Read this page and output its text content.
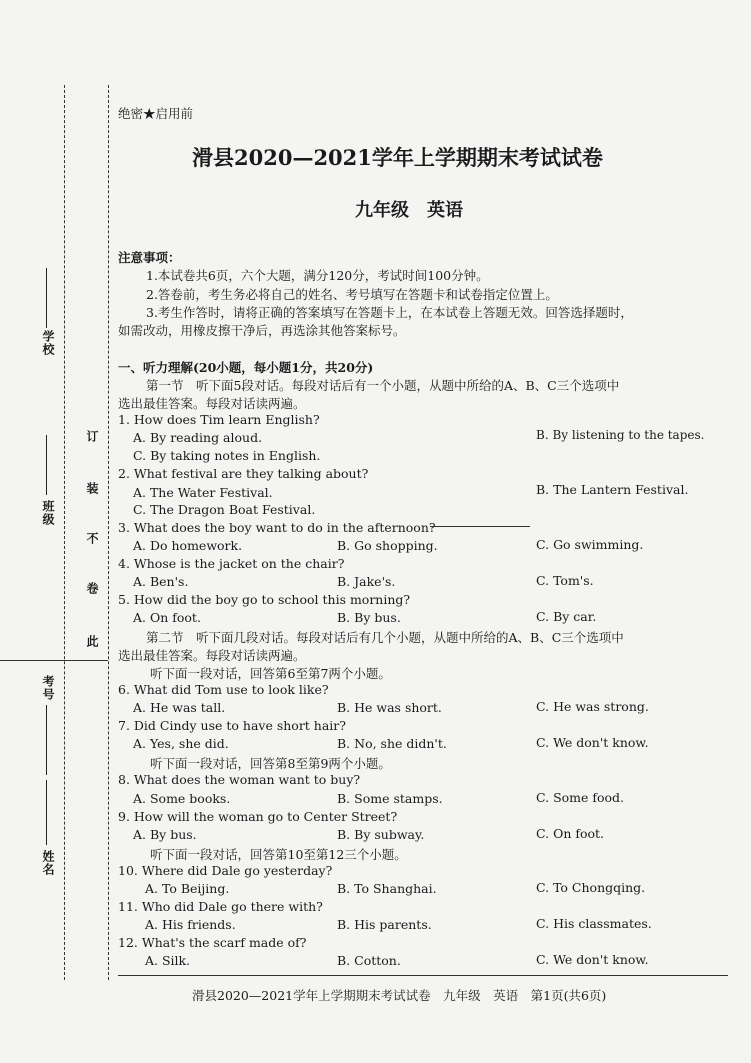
学校
班级
考号
姓名
订
装
不
卷
此
绝密★启用前
滑县2020—2021学年上学期期末考试试卷
九年级　英语
注意事项：
1.本试卷共6页，六个大题，满分120分，考试时间100分钟。
2.答卷前，考生务必将自己的姓名、考号填写在答题卡和试卷指定位置上。
3.考生作答时，请将正确的答案填写在答题卡上，在本试卷上答题无效。回答选择题时，
如需改动，用橡皮擦干净后，再选涂其他答案标号。
一、听力理解(20小题，每小题1分，共20分)
第一节　听下面5段对话。每段对话后有一个小题，从题中所给的A、B、C三个选项中
选出最佳答案。每段对话读两遍。
1. How does Tim learn English?
A. By reading aloud.	B. By listening to the tapes.
C. By taking notes in English.
2. What festival are they talking about?
A. The Water Festival.	B. The Lantern Festival.
C. The Dragon Boat Festival.
3. What does the boy want to do in the afternoon?
A. Do homework.	B. Go shopping.	C. Go swimming.
4. Whose is the jacket on the chair?
A. Ben's.	B. Jake's.	C. Tom's.
5. How did the boy go to school this morning?
A. On foot.	B. By bus.	C. By car.
第二节　听下面几段对话。每段对话后有几个小题，从题中所给的A、B、C三个选项中
选出最佳答案。每段对话读两遍。
听下面一段对话，回答第6至第7两个小题。
6. What did Tom use to look like?
A. He was tall.	B. He was short.	C. He was strong.
7. Did Cindy use to have short hair?
A. Yes, she did.	B. No, she didn't.	C. We don't know.
听下面一段对话，回答第8至第9两个小题。
8. What does the woman want to buy?
A. Some books.	B. Some stamps.	C. Some food.
9. How will the woman go to Center Street?
A. By bus.	B. By subway.	C. On foot.
听下面一段对话，回答第10至第12三个小题。
10. Where did Dale go yesterday?
A. To Beijing.	B. To Shanghai.	C. To Chongqing.
11. Who did Dale go there with?
A. His friends.	B. His parents.	C. His classmates.
12. What's the scarf made of?
A. Silk.	B. Cotton.	C. We don't know.
滑县2020—2021学年上学期期末考试试卷　九年级　英语　第1页(共6页)
